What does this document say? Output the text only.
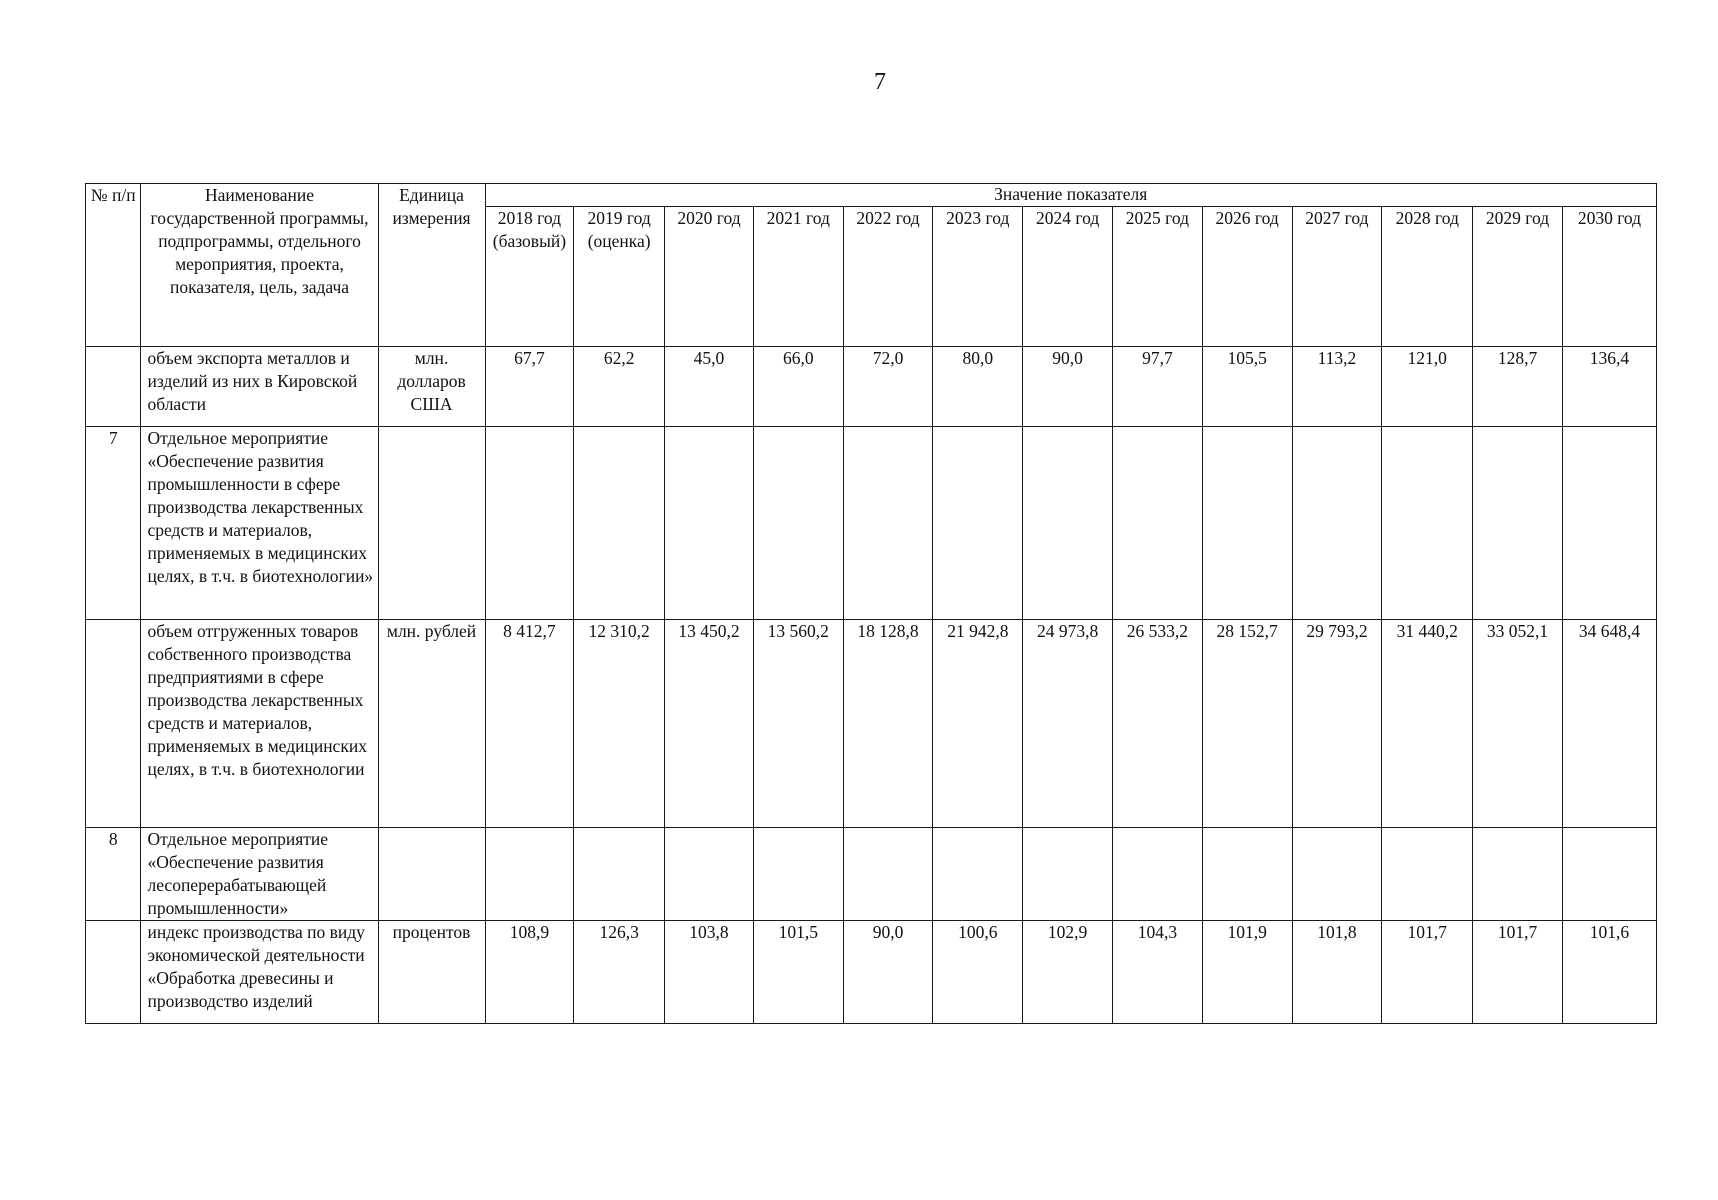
7
№ п/п	Наименование государственной программы, подпрограммы, отдельного мероприятия, проекта, показателя, цель, задача	Единица измерения	Значение показателя												
			2018 год (базовый)	2019 год (оценка)	2020 год	2021 год	2022 год	2023 год	2024 год	2025 год	2026 год	2027 год	2028 год	2029 год	2030 год
	объем экспорта металлов и изделий из них в Кировской области	млн. долларов США	67,7	62,2	45,0	66,0	72,0	80,0	90,0	97,7	105,5	113,2	121,0	128,7	136,4
7	Отдельное мероприятие «Обеспечение развития промышленности в сфере производства лекарственных средств и материалов, применяемых в медицинских целях, в т.ч. в биотехнологии»														
	объем отгруженных товаров собственного производства предприятиями в сфере производства лекарственных средств и материалов, применяемых в медицинских целях, в т.ч. в биотехнологии	млн. рублей	8 412,7	12 310,2	13 450,2	13 560,2	18 128,8	21 942,8	24 973,8	26 533,2	28 152,7	29 793,2	31 440,2	33 052,1	34 648,4
8	Отдельное мероприятие «Обеспечение развития лесоперерабатывающей промышленности»														
	индекс производства по виду экономической деятельности «Обработка древесины и производство изделий	процентов	108,9	126,3	103,8	101,5	90,0	100,6	102,9	104,3	101,9	101,8	101,7	101,7	101,6
